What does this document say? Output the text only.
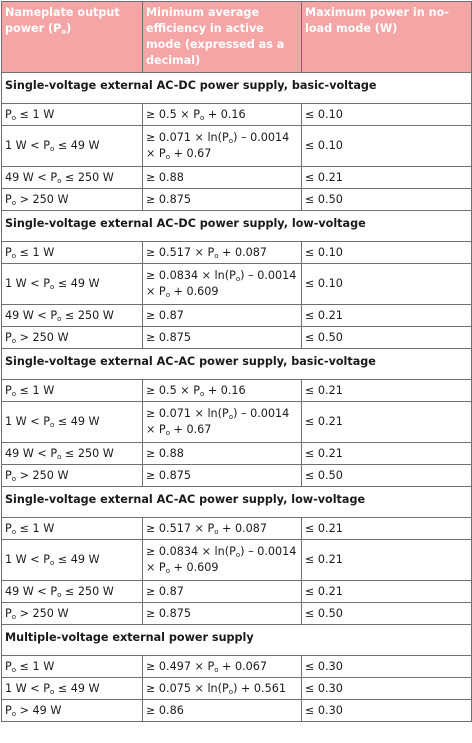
Nameplate output power $(P_o)$	Minimum average efficiency in active mode (expressed as a decimal)	Maximum power in no-load mode (W)
Single-voltage external AC-DC power supply, basic-voltage		
$P_o \le 1$ W	≥ $0.5 \times P_o + 0.16$	≤ 0.10
1 $W < P_o \le 49$ W	≥ $0.071 \times \ln(P_o) - 0.0014 \times P_o + 0.67$	≤ 0.10
49 $W < P_o \le 250$ W	≥ 0.88	≤ 0.21
$P_o > 250$ W	≥ 0.875	≤ 0.50
Single-voltage external AC-DC power supply, low-voltage		
$P_o \le 1$ W	≥ $0.517 \times P_o + 0.087$	≤ 0.10
1 $W < P_o \le 49$ W	≥ $0.0834 \times \ln(P_o) - 0.0014 \times P_o + 0.609$	≤ 0.10
49 $W < P_o \le 250$ W	≥ 0.87	≤ 0.21
$P_o > 250$ W	≥ 0.875	≤ 0.50
Single-voltage external AC-AC power supply, basic-voltage		
$P_o \le 1$ W	≥ $0.5 \times P_o + 0.16$	≤ 0.21
1 $W < P_o \le 49$ W	≥ $0.071 \times \ln(P_o) - 0.0014 \times P_o + 0.67$	≤ 0.21
49 $W < P_o \le 250$ W	≥ 0.88	≤ 0.21
$P_o > 250$ W	≥ 0.875	≤ 0.50
Single-voltage external AC-AC power supply, low-voltage		
$P_o \le 1$ W	≥ $0.517 \times P_o + 0.087$	≤ 0.21
1 $W < P_o \le 49$ W	≥ $0.0834 \times \ln(P_o) - 0.0014 \times P_o + 0.609$	≤ 0.21
49 $W < P_o \le 250$ W	≥ 0.87	≤ 0.21
$P_o > 250$ W	≥ 0.875	≤ 0.50
Multiple-voltage external power supply		
$P_o \le 1$ W	≥ $0.497 \times P_o + 0.067$	≤ 0.30
1 $W < P_o \le 49$ W	≥ $0.075 \times \ln(P_o) + 0.561$	≤ 0.30
$P_o > 49$ W	≥ 0.86	≤ 0.30
